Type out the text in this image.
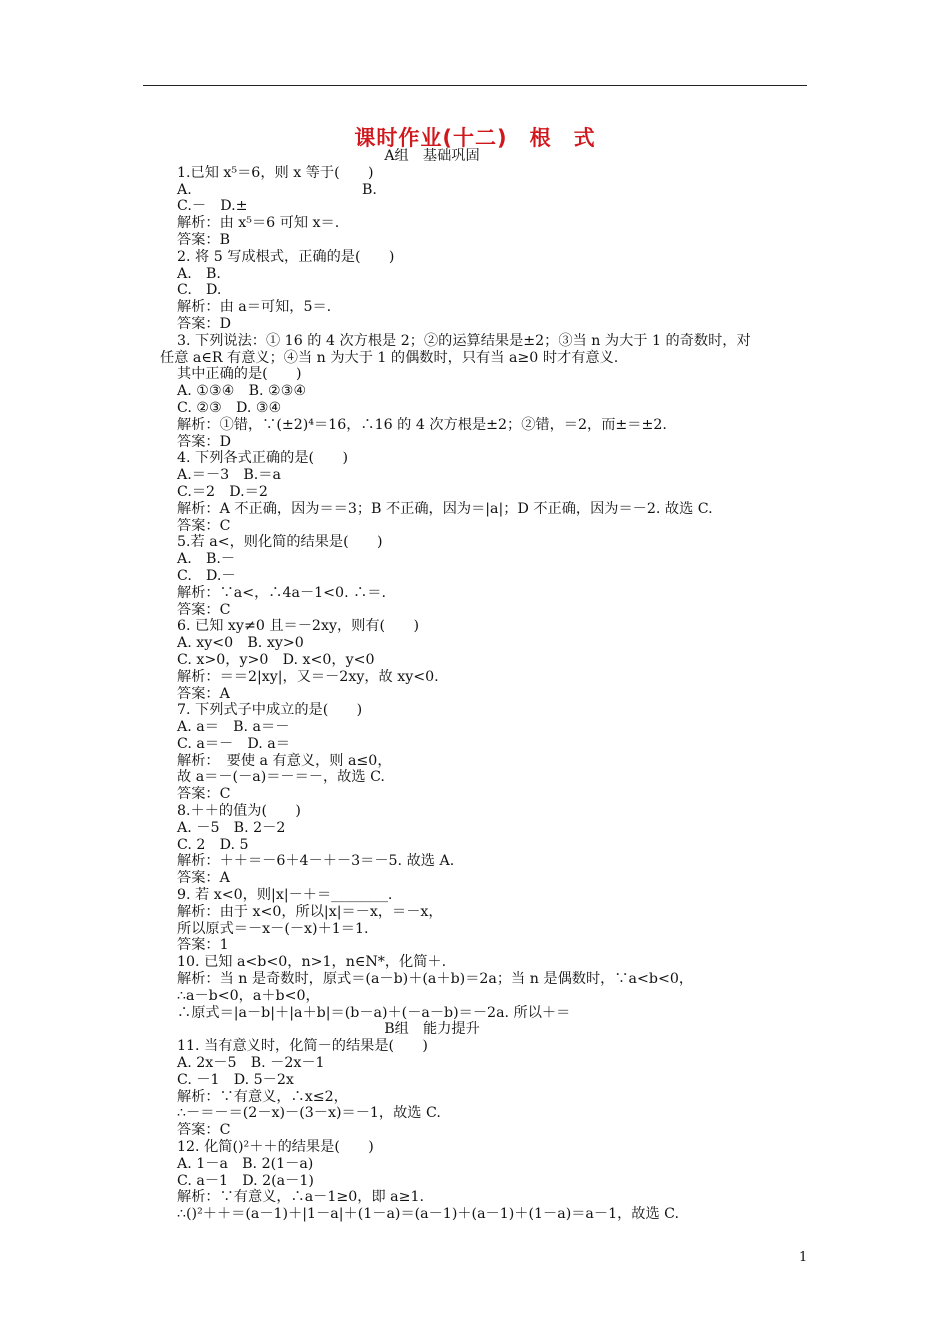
课时作业(十二)　根　式
A组　基础巩固
1.已知 x⁵＝6，则 x 等于(　　)
A.　　　　　　　　　　　　B.
C.－　D.±
解析：由 x⁵＝6 可知 x＝.
答案：B
2. 将 5 写成根式，正确的是(　　)
A.　B.
C.　D.
解析：由 a＝可知，5＝.
答案：D
3. 下列说法：① 16 的 4 次方根是 2；②的运算结果是±2；③当 n 为大于 1 的奇数时，对
任意 a∈R 有意义；④当 n 为大于 1 的偶数时，只有当 a≥0 时才有意义.
其中正确的是(　　)
A. ①③④　B. ②③④
C. ②③　D. ③④
解析：①错，∵(±2)⁴＝16，∴16 的 4 次方根是±2；②错，＝2，而±＝±2.
答案：D
4. 下列各式正确的是(　　)
A.＝－3　B.＝a
C.＝2　D.＝2
解析：A 不正确，因为＝＝3；B 不正确，因为＝|a|；D 不正确，因为＝－2. 故选 C.
答案：C
5.若 a<，则化简的结果是(　　)
A.　B.－
C.　D.－
解析：∵a<，∴4a－1<0. ∴＝.
答案：C
6. 已知 xy≠0 且＝－2xy，则有(　　)
A. xy<0　B. xy>0
C. x>0，y>0　D. x<0，y<0
解析：＝＝2|xy|，又＝－2xy，故 xy<0.
答案：A
7. 下列式子中成立的是(　　)
A. a＝　B. a＝－
C. a＝－　D. a＝
解析：　要使 a 有意义，则 a≤0，
故 a＝－(－a)＝－＝－，故选 C.
答案：C
8.＋＋的值为(　　)
A. －5　B. 2－2
C. 2　D. 5
解析：＋＋＝－6＋4－＋－3＝－5. 故选 A.
答案：A
9. 若 x<0，则|x|－＋＝________.
解析：由于 x<0，所以|x|＝－x，＝－x，
所以原式＝－x－(－x)＋1＝1.
答案：1
10. 已知 a<b<0，n>1，n∈N*，化简＋.
解析：当 n 是奇数时，原式＝(a－b)＋(a＋b)＝2a；当 n 是偶数时，∵a<b<0，
∴a－b<0，a＋b<0，
∴原式＝|a－b|＋|a＋b|＝(b－a)＋(－a－b)＝－2a. 所以＋＝
B组　能力提升
11. 当有意义时，化简－的结果是(　　)
A. 2x－5　B. －2x－1
C. －1　D. 5－2x
解析：∵有意义，∴x≤2，
∴－＝－＝(2－x)－(3－x)＝－1，故选 C.
答案：C
12. 化简()²＋＋的结果是(　　)
A. 1－a　B. 2(1－a)
C. a－1　D. 2(a－1)
解析：∵有意义，∴a－1≥0，即 a≥1.
∴()²＋＋＝(a－1)＋|1－a|＋(1－a)＝(a－1)＋(a－1)＋(1－a)＝a－1，故选 C.
1
